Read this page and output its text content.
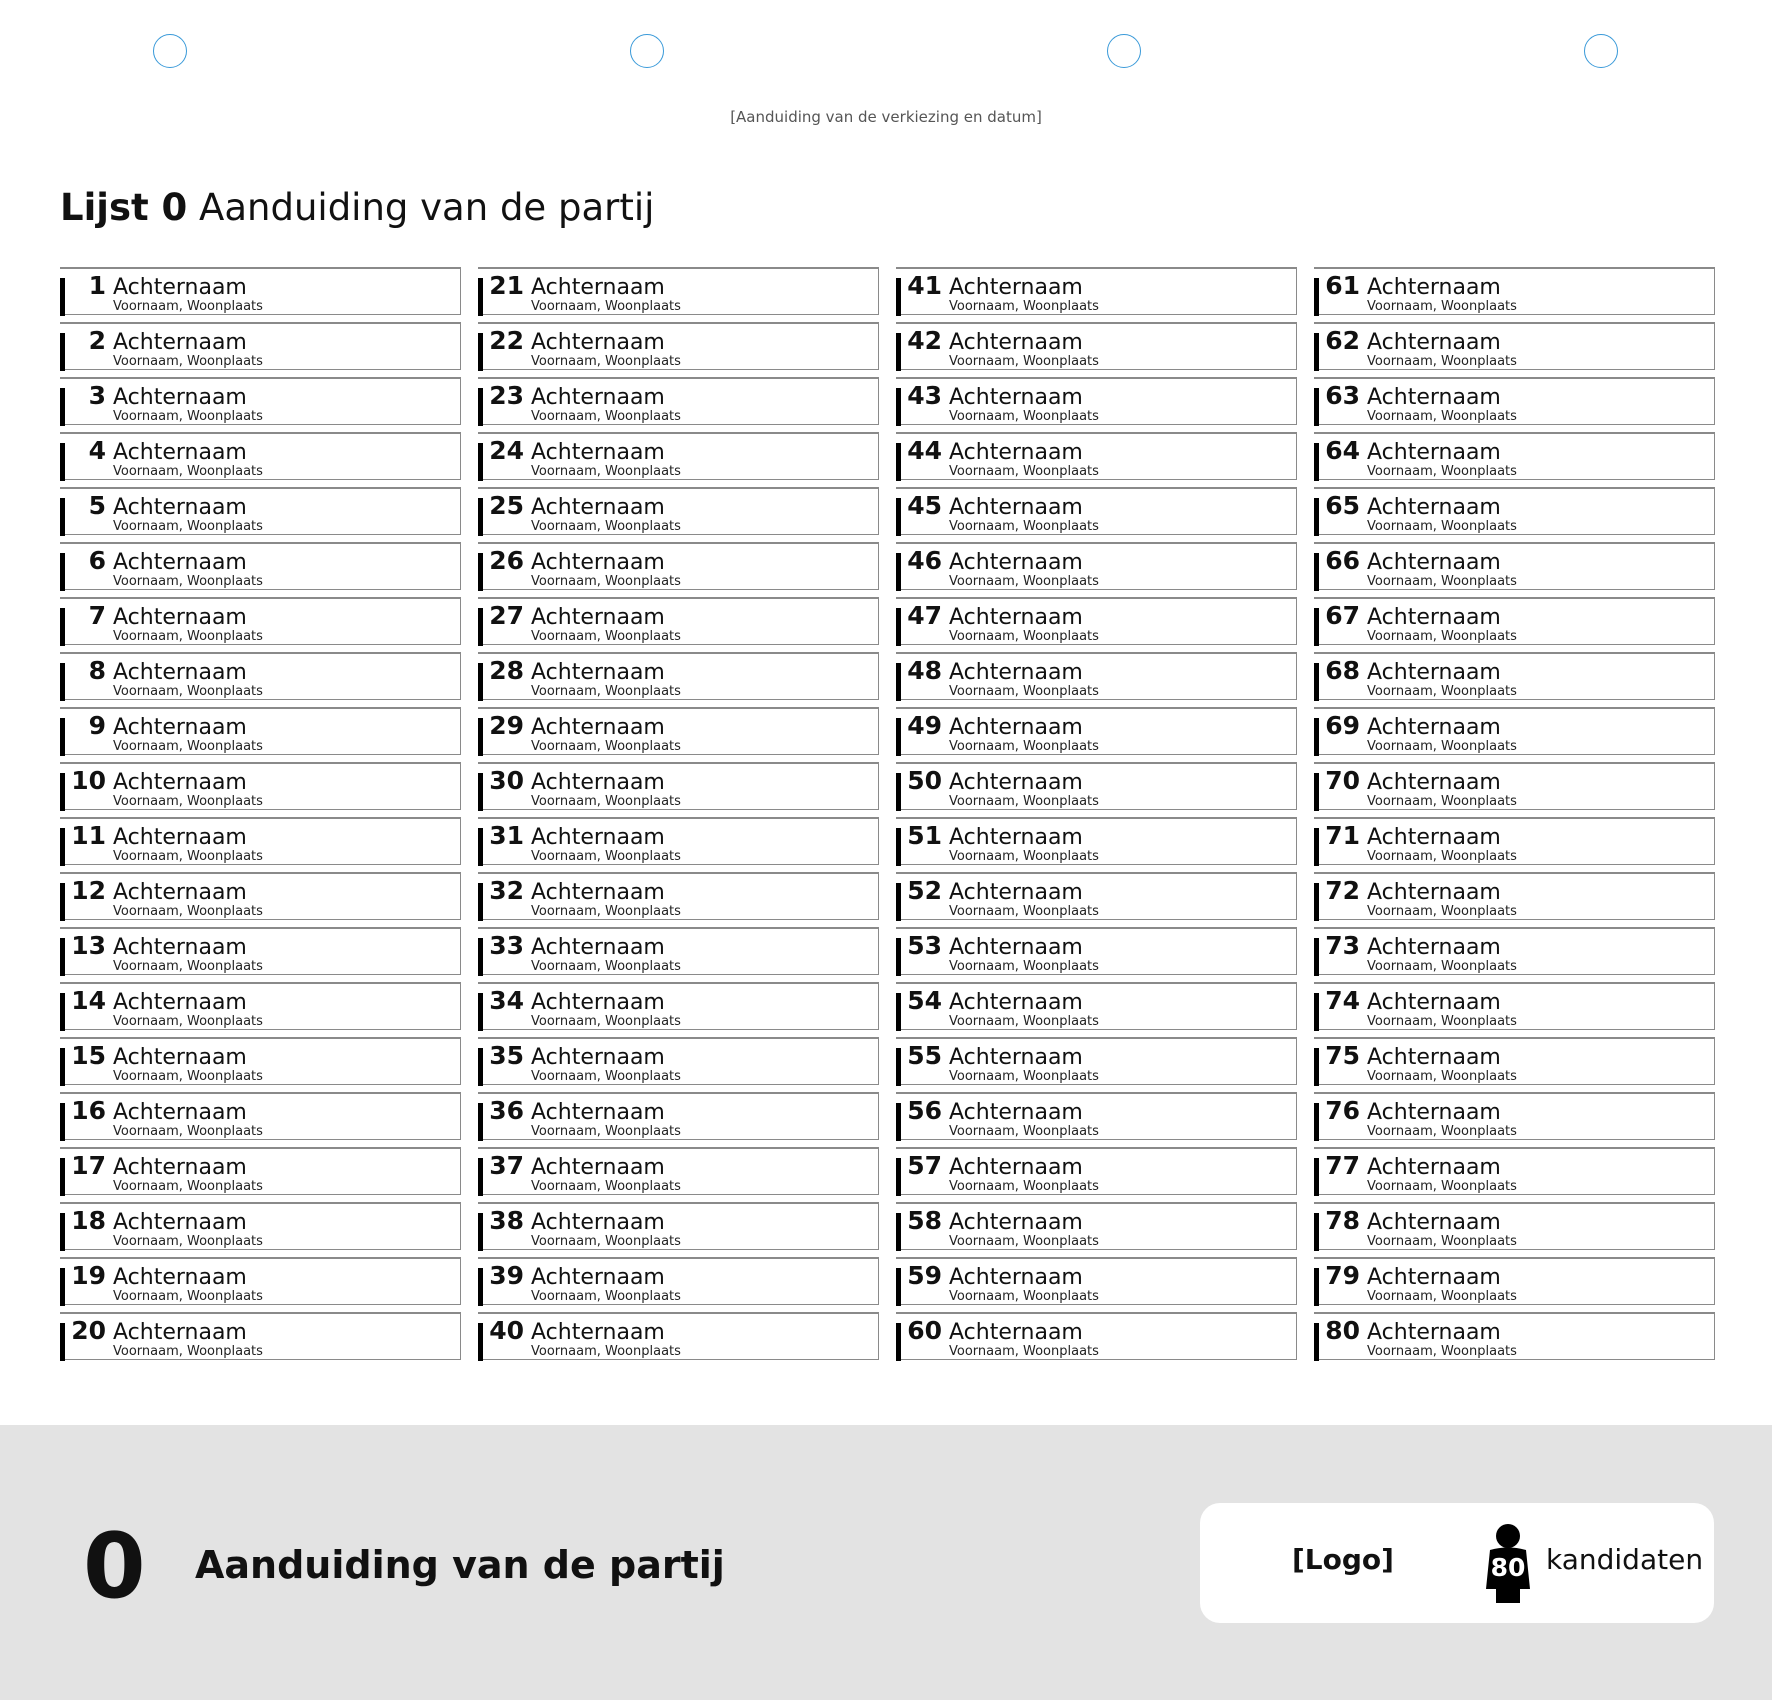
[Aanduiding van de verkiezing en datum]
Lijst 0 Aanduiding van de partij
1 Achternaam
Voornaam, Woonplaats
2 Achternaam
Voornaam, Woonplaats
3 Achternaam
Voornaam, Woonplaats
4 Achternaam
Voornaam, Woonplaats
5 Achternaam
Voornaam, Woonplaats
6 Achternaam
Voornaam, Woonplaats
7 Achternaam
Voornaam, Woonplaats
8 Achternaam
Voornaam, Woonplaats
9 Achternaam
Voornaam, Woonplaats
10 Achternaam
Voornaam, Woonplaats
11 Achternaam
Voornaam, Woonplaats
12 Achternaam
Voornaam, Woonplaats
13 Achternaam
Voornaam, Woonplaats
14 Achternaam
Voornaam, Woonplaats
15 Achternaam
Voornaam, Woonplaats
16 Achternaam
Voornaam, Woonplaats
17 Achternaam
Voornaam, Woonplaats
18 Achternaam
Voornaam, Woonplaats
19 Achternaam
Voornaam, Woonplaats
20 Achternaam
Voornaam, Woonplaats
21 Achternaam
Voornaam, Woonplaats
22 Achternaam
Voornaam, Woonplaats
23 Achternaam
Voornaam, Woonplaats
24 Achternaam
Voornaam, Woonplaats
25 Achternaam
Voornaam, Woonplaats
26 Achternaam
Voornaam, Woonplaats
27 Achternaam
Voornaam, Woonplaats
28 Achternaam
Voornaam, Woonplaats
29 Achternaam
Voornaam, Woonplaats
30 Achternaam
Voornaam, Woonplaats
31 Achternaam
Voornaam, Woonplaats
32 Achternaam
Voornaam, Woonplaats
33 Achternaam
Voornaam, Woonplaats
34 Achternaam
Voornaam, Woonplaats
35 Achternaam
Voornaam, Woonplaats
36 Achternaam
Voornaam, Woonplaats
37 Achternaam
Voornaam, Woonplaats
38 Achternaam
Voornaam, Woonplaats
39 Achternaam
Voornaam, Woonplaats
40 Achternaam
Voornaam, Woonplaats
41 Achternaam
Voornaam, Woonplaats
42 Achternaam
Voornaam, Woonplaats
43 Achternaam
Voornaam, Woonplaats
44 Achternaam
Voornaam, Woonplaats
45 Achternaam
Voornaam, Woonplaats
46 Achternaam
Voornaam, Woonplaats
47 Achternaam
Voornaam, Woonplaats
48 Achternaam
Voornaam, Woonplaats
49 Achternaam
Voornaam, Woonplaats
50 Achternaam
Voornaam, Woonplaats
51 Achternaam
Voornaam, Woonplaats
52 Achternaam
Voornaam, Woonplaats
53 Achternaam
Voornaam, Woonplaats
54 Achternaam
Voornaam, Woonplaats
55 Achternaam
Voornaam, Woonplaats
56 Achternaam
Voornaam, Woonplaats
57 Achternaam
Voornaam, Woonplaats
58 Achternaam
Voornaam, Woonplaats
59 Achternaam
Voornaam, Woonplaats
60 Achternaam
Voornaam, Woonplaats
61 Achternaam
Voornaam, Woonplaats
62 Achternaam
Voornaam, Woonplaats
63 Achternaam
Voornaam, Woonplaats
64 Achternaam
Voornaam, Woonplaats
65 Achternaam
Voornaam, Woonplaats
66 Achternaam
Voornaam, Woonplaats
67 Achternaam
Voornaam, Woonplaats
68 Achternaam
Voornaam, Woonplaats
69 Achternaam
Voornaam, Woonplaats
70 Achternaam
Voornaam, Woonplaats
71 Achternaam
Voornaam, Woonplaats
72 Achternaam
Voornaam, Woonplaats
73 Achternaam
Voornaam, Woonplaats
74 Achternaam
Voornaam, Woonplaats
75 Achternaam
Voornaam, Woonplaats
76 Achternaam
Voornaam, Woonplaats
77 Achternaam
Voornaam, Woonplaats
78 Achternaam
Voornaam, Woonplaats
79 Achternaam
Voornaam, Woonplaats
80 Achternaam
Voornaam, Woonplaats
0 Aanduiding van de partij	[Logo]	80 kandidaten
